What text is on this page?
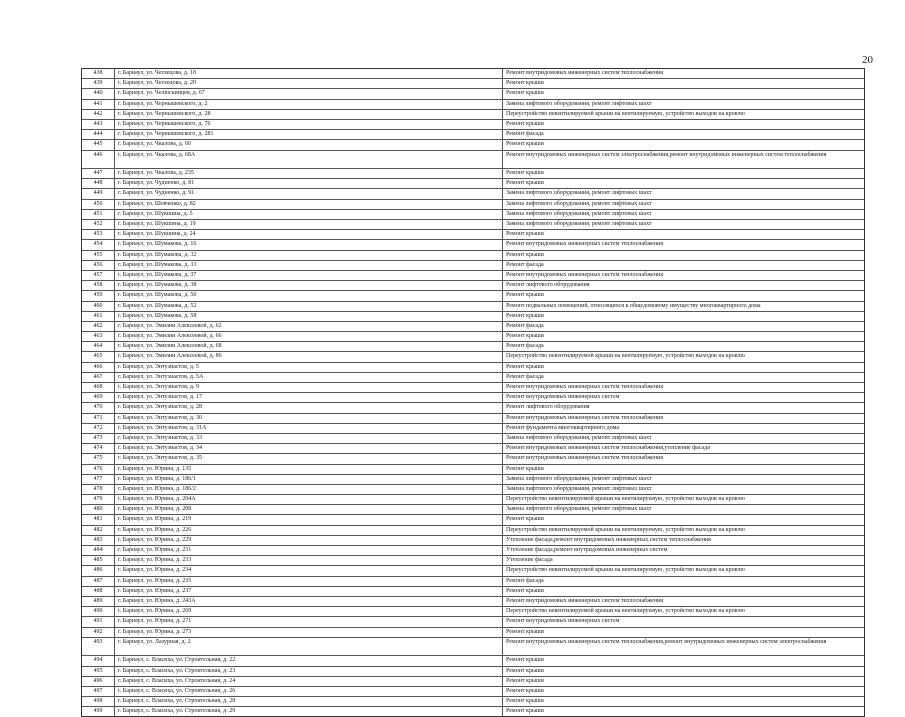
20
438	г. Барнаул, ул. Чеглецова, д. 18	Ремонт внутридомовых инженерных систем теплоснабжения
439	г. Барнаул, ул. Чеглецова, д. 20	Ремонт крыши
440	г. Барнаул, ул. Челюскинцев, д. 67	Ремонт крыши
441	г. Барнаул, ул. Чернышевского, д. 2	Замена лифтового оборудования, ремонт лифтовых шахт
442	г. Барнаул, ул. Чернышевского, д. 28	Переустройство невентилируемой крыши на вентилируемую, устройство выходов на кровлю
443	г. Барнаул, ул. Чернышевского, д. 76	Ремонт крыши
444	г. Барнаул, ул. Чернышевского, д. 281	Ремонт фасада
445	г. Барнаул, ул. Чкалова, д. 60	Ремонт крыши
446	г. Барнаул, ул. Чкалова, д. 68А	Ремонт внутридомовых инженерных систем электроснабжения,ремонт внутридомовых инженерных систем теплоснабжения
447	г. Барнаул, ул. Чкалова, д. 235	Ремонт крыши
448	г. Барнаул, ул. Чудненко, д. 81	Ремонт крыши
449	г. Барнаул, ул. Чудненко, д. 91	Замена лифтового оборудования, ремонт лифтовых шахт
450	г. Барнаул, ул. Шевченко, д. 82	Замена лифтового оборудования, ремонт лифтовых шахт
451	г. Барнаул, ул. Шукшина, д. 5	Замена лифтового оборудования, ремонт лифтовых шахт
452	г. Барнаул, ул. Шукшина, д. 19	Замена лифтового оборудования, ремонт лифтовых шахт
453	г. Барнаул, ул. Шукшина, д. 24	Ремонт крыши
454	г. Барнаул, ул. Шумакова, д. 16	Ремонт внутридомовых инженерных систем теплоснабжения
455	г. Барнаул, ул. Шумакова, д. 32	Ремонт крыши
456	г. Барнаул, ул. Шумакова, д. 33	Ремонт фасада
457	г. Барнаул, ул. Шумакова, д. 37	Ремонт внутридомовых инженерных систем теплоснабжения
458	г. Барнаул, ул. Шумакова, д. 38	Ремонт лифтового оборудования
459	г. Барнаул, ул. Шумакова, д. 50	Ремонт крыши
460	г. Барнаул, ул. Шумакова, д. 52	Ремонт подвальных помещений, относящихся к общедомовому имуществу многоквартирного дома
461	г. Барнаул, ул. Шумакова, д. 58	Ремонт крыши
462	г. Барнаул, ул. Эмилии Алексеевой, д. 62	Ремонт фасада
463	г. Барнаул, ул. Эмилии Алексеевой, д. 66	Ремонт крыши
464	г. Барнаул, ул. Эмилии Алексеевой, д. 68	Ремонт фасада
465	г. Барнаул, ул. Эмилии Алексеевой, д. 86	Переустройство невентилируемой крыши на вентилируемую, устройство выходов на кровлю
466	г. Барнаул, ул. Энтузиастов, д. 5	Ремонт крыши
467	г. Барнаул, ул. Энтузиастов, д. 5А	Ремонт фасада
468	г. Барнаул, ул. Энтузиастов, д. 9	Ремонт внутридомовых инженерных систем теплоснабжения
469	г. Барнаул, ул. Энтузиастов, д. 17	Ремонт внутридомовых инженерных систем
470	г. Барнаул, ул. Энтузиастов, д. 28	Ремонт лифтового оборудования
471	г. Барнаул, ул. Энтузиастов, д. 30	Ремонт внутридомовых инженерных систем теплоснабжения
472	г. Барнаул, ул. Энтузиастов, д. 31А	Ремонт фундамента многоквартирного дома
473	г. Барнаул, ул. Энтузиастов, д. 33	Замена лифтового оборудования, ремонт лифтовых шахт
474	г. Барнаул, ул. Энтузиастов, д. 34	Ремонт внутридомовых инженерных систем теплоснабжения,утепление фасада
475	г. Барнаул, ул. Энтузиастов, д. 35	Ремонт внутридомовых инженерных систем теплоснабжения
476	г. Барнаул, ул. Юрина, д. 135	Ремонт крыши
477	г. Барнаул, ул. Юрина, д. 186/1	Замена лифтового оборудования, ремонт лифтовых шахт
478	г. Барнаул, ул. Юрина, д. 186/2	Замена лифтового оборудования, ремонт лифтовых шахт
479	г. Барнаул, ул. Юрина, д. 204А	Переустройство невентилируемой крыши на вентилируемую, устройство выходов на кровлю
480	г. Барнаул, ул. Юрина, д. 208	Замена лифтового оборудования, ремонт лифтовых шахт
481	г. Барнаул, ул. Юрина, д. 219	Ремонт крыши
482	г. Барнаул, ул. Юрина, д. 226	Переустройство невентилируемой крыши на вентилируемую, устройство выходов на кровлю
483	г. Барнаул, ул. Юрина, д. 229	Утепление фасада,ремонт внутридомовых инженерных систем теплоснабжения
484	г. Барнаул, ул. Юрина, д. 231	Утепление фасада,ремонт внутридомовых инженерных систем
485	г. Барнаул, ул. Юрина, д. 233	Утепление фасада
486	г. Барнаул, ул. Юрина, д. 234	Переустройство невентилируемой крыши на вентилируемую, устройство выходов на кровлю
487	г. Барнаул, ул. Юрина, д. 235	Ремонт фасада
488	г. Барнаул, ул. Юрина, д. 237	Ремонт крыши
489	г. Барнаул, ул. Юрина, д. 243А	Ремонт внутридомовых инженерных систем теплоснабжения
490	г. Барнаул, ул. Юрина, д. 269	Переустройство невентилируемой крыши на вентилируемую, устройство выходов на кровлю
491	г. Барнаул, ул. Юрина, д. 271	Ремонт внутридомовых инженерных систем
492	г. Барнаул, ул. Юрина, д. 273	Ремонт крыши
493	г. Барнаул, ул. Лазурная, д. 2	Ремонт внутридомовых инженерных систем теплоснабжения,ремонт внутридомовых инженерных систем электроснабжения
494	г. Барнаул, с. Власиха, ул. Строительная, д. 22	Ремонт крыши
495	г. Барнаул, с. Власиха, ул. Строительная, д. 23	Ремонт крыши
496	г. Барнаул, с. Власиха, ул. Строительная, д. 24	Ремонт крыши
497	г. Барнаул, с. Власиха, ул. Строительная, д. 26	Ремонт крыши
498	г. Барнаул, с. Власиха, ул. Строительная, д. 28	Ремонт крыши
499	г. Барнаул, с. Власиха, ул. Строительная, д. 29	Ремонт крыши
